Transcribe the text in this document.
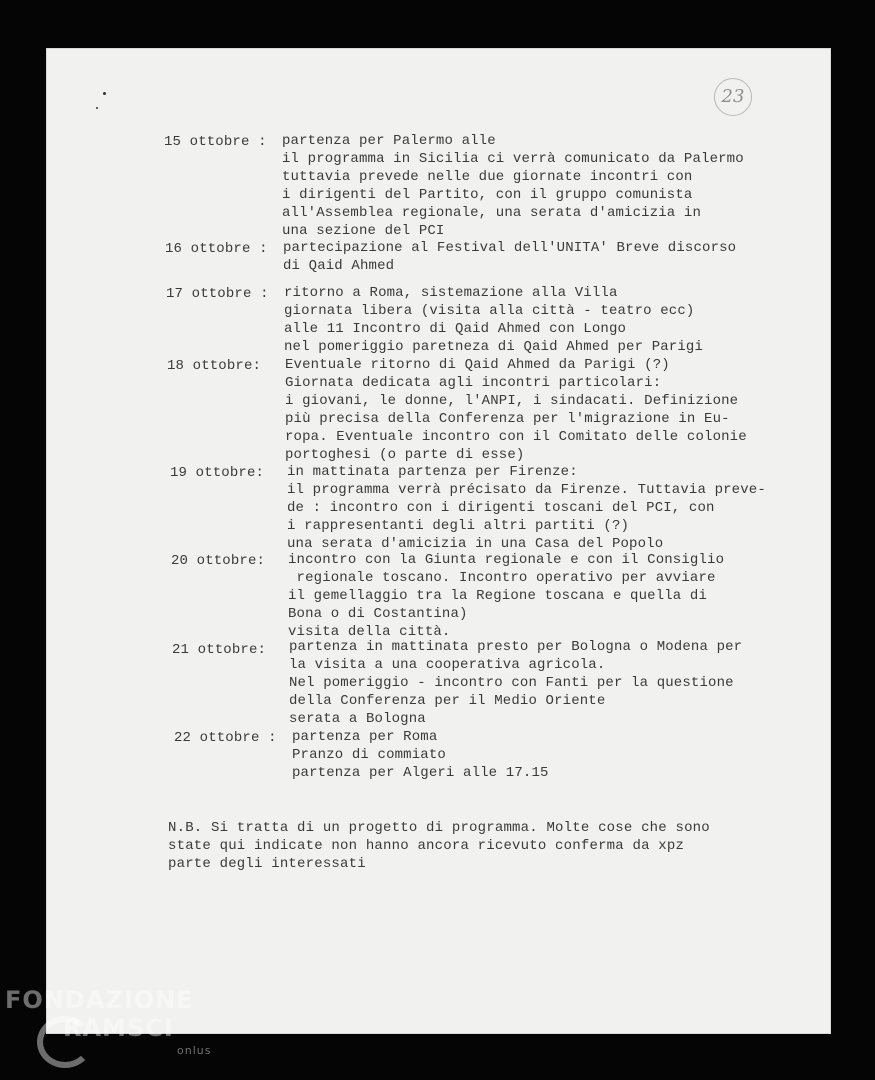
23
15 ottobre : partenza per Palermo alle
il programma in Sicilia ci verrà comunicato da Palermo
tuttavia prevede nelle due giornate incontri con
i dirigenti del Partito, con il gruppo comunista
all'Assemblea regionale, una serata d'amicizia in
una sezione del PCI
16 ottobre : partecipazione al Festival dell'UNITA' Breve discorso
di Qaid Ahmed
17 ottobre : ritorno a Roma, sistemazione alla Villa
giornata libera (visita alla città - teatro ecc)
alle 11 Incontro di Qaid Ahmed con Longo
nel pomeriggio paretneza di Qaid Ahmed per Parigi
18 ottobre: Eventuale ritorno di Qaid Ahmed da Parigi (?)
Giornata dedicata agli incontri particolari:
i giovani, le donne, l'ANPI, i sindacati. Definizione
più precisa della Conferenza per l'migrazione in Eu-
ropa. Eventuale incontro con il Comitato delle colonie
portoghesi (o parte di esse)
19 ottobre: in mattinata partenza per Firenze:
il programma verrà précisato da Firenze. Tuttavia preve-
de : incontro con i dirigenti toscani del PCI, con
i rappresentanti degli altri partiti (?)
una serata d'amicizia in una Casa del Popolo
20 ottobre: incontro con la Giunta regionale e con il Consiglio
regionale toscano. Incontro operativo per avviare
il gemellaggio tra la Regione toscana e quella di
Bona o di Costantina)
visita della città.
21 ottobre: partenza in mattinata presto per Bologna o Modena per
la visita a una cooperativa agricola.
Nel pomeriggio - incontro con Fanti per la questione
della Conferenza per il Medio Oriente
serata a Bologna
22 ottobre : partenza per Roma
Pranzo di commiato
partenza per Algeri alle 17.15
N.B. Si tratta di un progetto di programma. Molte cose che sono
state qui indicate non hanno ancora ricevuto conferma da xpz
parte degli interessati
FONDAZIONE
RAMSCI
onlus
